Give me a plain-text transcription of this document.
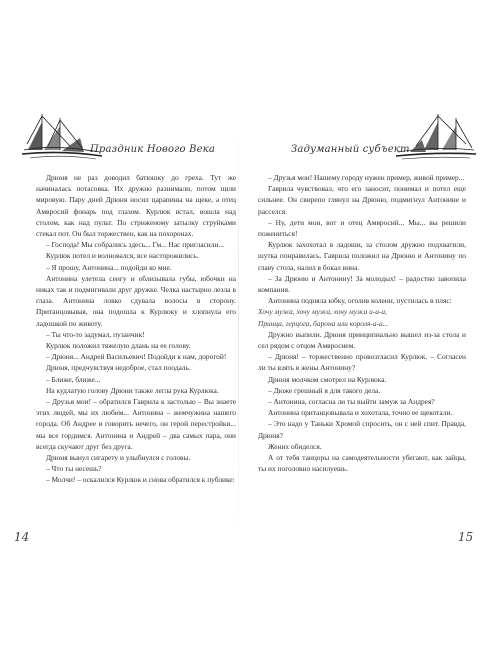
Праздник Нового Века

Дрюня не раз доводил батюшку до греха. Тут же начиналась потасовка. Их дружно разнимали, потом пили мировую. Пару дней Дрюня носил царапины на щеке, а отец Амвросий фонарь под глазом. Курлюк встал, вошла над столом, как над пульт. По стриженому затылку струйками стекал пот. Он был торжествен, как на похоронах.

– Господа! Мы собрались здесь... Гм... Нас пригласили...

Курлюк потел и волновался, все насторожились.

– Я прошу, Антонина... подойди ко мне.

Антонина улетела сенгу и облизывала губы, юбочки на никах так и подмигивали друг дружке. Челка настырно лезла в глаза. Антонина ловко сдувала волосы в сторону. Пританцовывая, она подошла к Курлюку и хлопнула его ладошкой по животу.

– Ты что-то задумал, пузанчик!

Курлюк положил тяжелую длань на ее голову.

– Дрюня... Андрей Васильевич! Подойди к нам, дорогой!

Дрюня, предчувствуя недоброе, стал поодаль.

– Ближе, ближе...

На кудлатую голову Дрюни также легла рука Курлюка.

– Друзья мои! – обратился Гаврила к застолью – Вы знаете этих людей, мы их любим... Антонина – жемчужина нашего города. Об Андрее и говорить нечего, он герой перестройки... мы все гордимся. Антонина и Андрей – два самых пара, они всегда скучают друг без друга.

Дрюня вынул сигарету и улыбнулся с головы.

– Что ты несешь?

– Молчи! – оскалился Курлюк и снова обратился к публике:

14
Задуманный субъект

– Друзья мои! Нашему городу нужен пример, живой пример...

Гаврила чувствовал, что его заносит, понимал и потел еще сильнее. Он свирепо глянул на Дрюню, подмигнул Антонине и расселся.

– Ну, дети мои, вот и отец Амвросий... Мы... вы решили пожениться!

Курлюк захохотал в ладоши, за столом дружно подхватили, шутка понравилась. Гаврила положил на Дрюню и Антонину по главу стола, налил в бокал вина.

– За Дрюню и Антонину! За молодых! – радостно завопила компания.

Антонина подняла юбку, оголив колени, пустилась в пляс:

Хочу мужа, хочу мужа, хочу мужа и-а-а,
Принца, герцога, барона или короля-а-а...

Дружно выпили. Дрюня принципиально вышел из-за стола и сел рядом с отцом Амвросием.

– Дрюня! – торжественно провозгласил Курлюк. – Согласен ли ты взять в жены Антонину?

Дрюня молчком смотрел на Курлюка.

– Дюже грешный я для такого дела.

– Антонина, согласна ли ты выйти замуж за Андрея?

Антонина пританцовывала и хохотала, точно ее щекотали.

– Это надо у Таньки Хромой спросить, он с ней спит. Правда, Дрюня?

Жених обиделся.

А от тебя танцоры на самодеятельности убегают, как зайцы, ты их поголовно насилуешь.

15
